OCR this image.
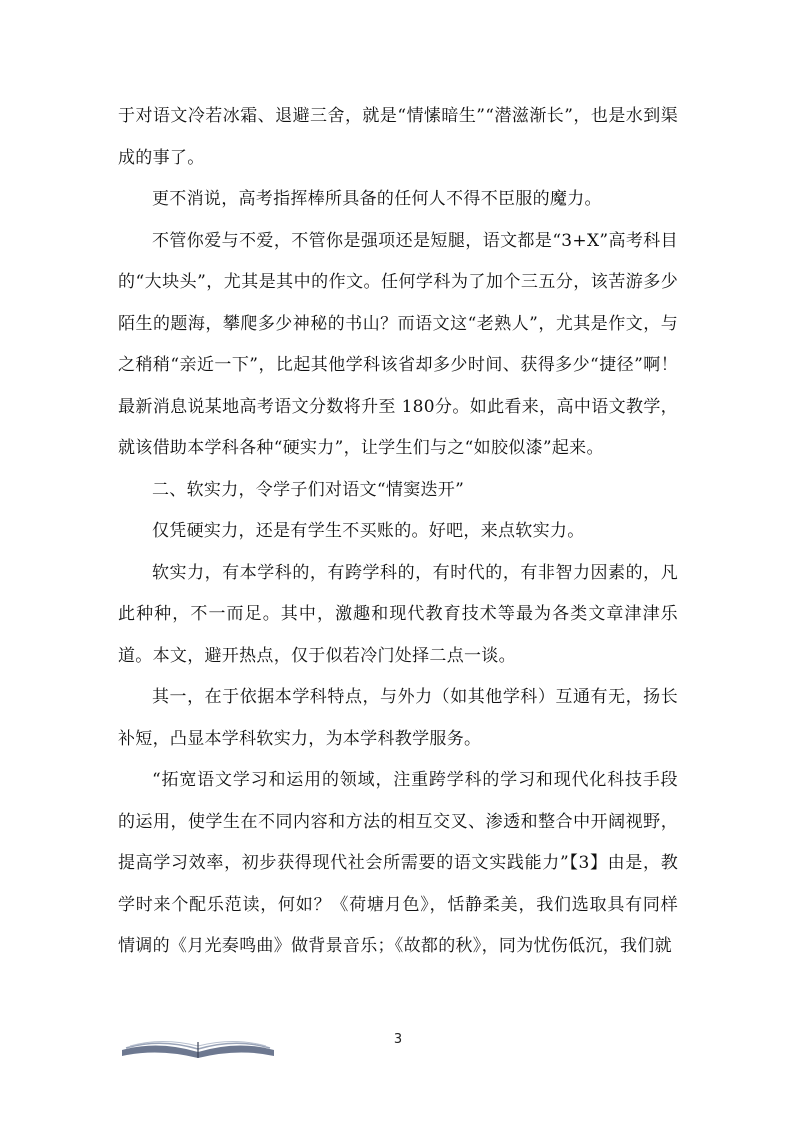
于对语文冷若冰霜、退避三舍，就是“情愫暗生”“潜滋渐长”，也是水到渠成的事了。

更不消说，高考指挥棒所具备的任何人不得不臣服的魔力。

不管你爱与不爱，不管你是强项还是短腿，语文都是“3+X”高考科目的“大块头”，尤其是其中的作文。任何学科为了加个三五分，该苦游多少陌生的题海，攀爬多少神秘的书山？而语文这“老熟人”，尤其是作文，与之稍稍“亲近一下”，比起其他学科该省却多少时间、获得多少“捷径”啊！最新消息说某地高考语文分数将升至 180分。如此看来，高中语文教学，就该借助本学科各种“硬实力”，让学生们与之“如胶似漆”起来。

二、软实力，令学子们对语文“情窦迭开”

仅凭硬实力，还是有学生不买账的。好吧，来点软实力。

软实力，有本学科的，有跨学科的，有时代的，有非智力因素的，凡此种种，不一而足。其中，激趣和现代教育技术等最为各类文章津津乐道。本文，避开热点，仅于似若冷门处择二点一谈。

其一，在于依据本学科特点，与外力（如其他学科）互通有无，扬长补短，凸显本学科软实力，为本学科教学服务。

“拓宽语文学习和运用的领域，注重跨学科的学习和现代化科技手段的运用，使学生在不同内容和方法的相互交叉、渗透和整合中开阔视野，提高学习效率，初步获得现代社会所需要的语文实践能力”【3】由是，教学时来个配乐范读，何如？《荷塘月色》，恬静柔美，我们选取具有同样情调的《月光奏鸣曲》做背景音乐；《故都的秋》，同为忧伤低沉，我们就

3
